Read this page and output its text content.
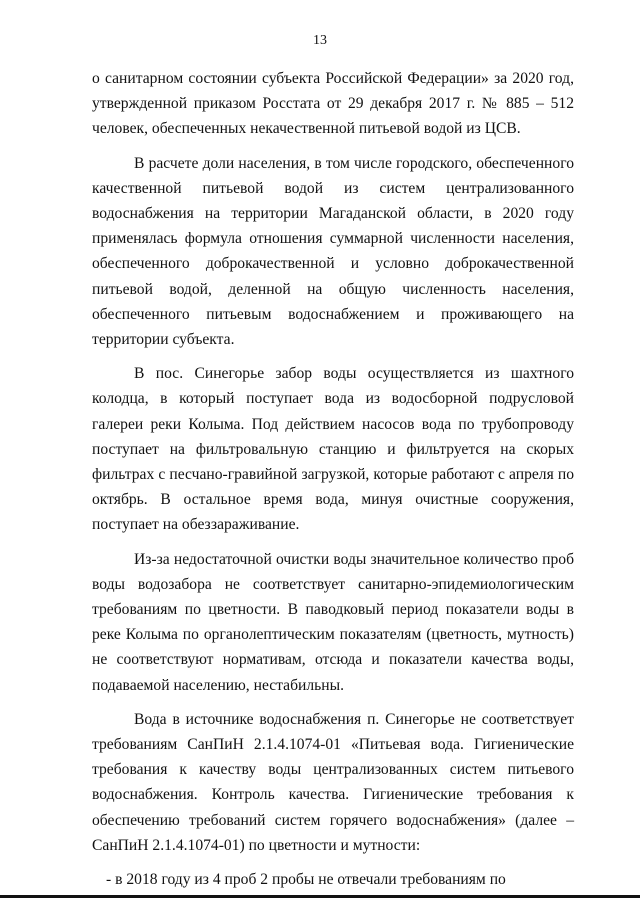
13

о санитарном состоянии субъекта Российской Федерации» за 2020 год, утвержденной приказом Росстата от 29 декабря 2017 г. № 885 – 512 человек, обеспеченных некачественной питьевой водой из ЦСВ.

В расчете доли населения, в том числе городского, обеспеченного качественной питьевой водой из систем централизованного водоснабжения на территории Магаданской области, в 2020 году применялась формула отношения суммарной численности населения, обеспеченного доброкачественной и условно доброкачественной питьевой водой, деленной на общую численность населения, обеспеченного питьевым водоснабжением и проживающего на территории субъекта.

В пос. Синегорье забор воды осуществляется из шахтного колодца, в который поступает вода из водосборной подрусловой галереи реки Колыма. Под действием насосов вода по трубопроводу поступает на фильтровальную станцию и фильтруется на скорых фильтрах с песчано-гравийной загрузкой, которые работают с апреля по октябрь. В остальное время вода, минуя очистные сооружения, поступает на обеззараживание.

Из-за недостаточной очистки воды значительное количество проб воды водозабора не соответствует санитарно-эпидемиологическим требованиям по цветности. В паводковый период показатели воды в реке Колыма по органолептическим показателям (цветность, мутность) не соответствуют нормативам, отсюда и показатели качества воды, подаваемой населению, нестабильны.

Вода в источнике водоснабжения п. Синегорье не соответствует требованиям СанПиН 2.1.4.1074-01 «Питьевая вода. Гигиенические требования к качеству воды централизованных систем питьевого водоснабжения. Контроль качества. Гигиенические требования к обеспечению требований систем горячего водоснабжения» (далее – СанПиН 2.1.4.1074-01) по цветности и мутности:

- в 2018 году из 4 проб 2 пробы не отвечали требованиям по
